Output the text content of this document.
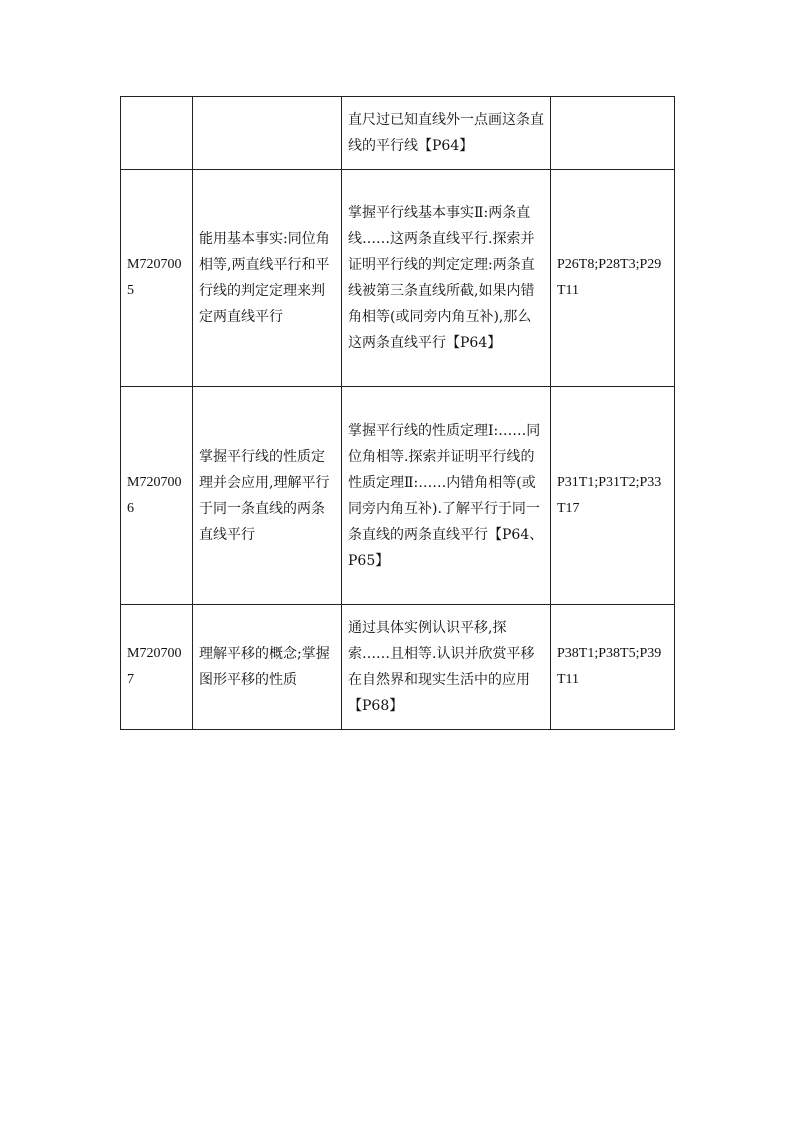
		直尺过已知直线外一点画这条直线的平行线【P64】	
M7207005	能用基本事实:同位角相等,两直线平行和平行线的判定定理来判定两直线平行	掌握平行线基本事实Ⅱ:两条直线……这两条直线平行.探索并证明平行线的判定定理:两条直线被第三条直线所截,如果内错角相等(或同旁内角互补),那么这两条直线平行【P64】	P26T8;P28T3;P29T11
M7207006	掌握平行线的性质定理并会应用,理解平行于同一条直线的两条直线平行	掌握平行线的性质定理Ⅰ:……同位角相等.探索并证明平行线的性质定理Ⅱ:……内错角相等(或同旁内角互补).了解平行于同一条直线的两条直线平行【P64、P65】	P31T1;P31T2;P33T17
M7207007	理解平移的概念;掌握图形平移的性质	通过具体实例认识平移,探索……且相等.认识并欣赏平移在自然界和现实生活中的应用【P68】	P38T1;P38T5;P39T11
